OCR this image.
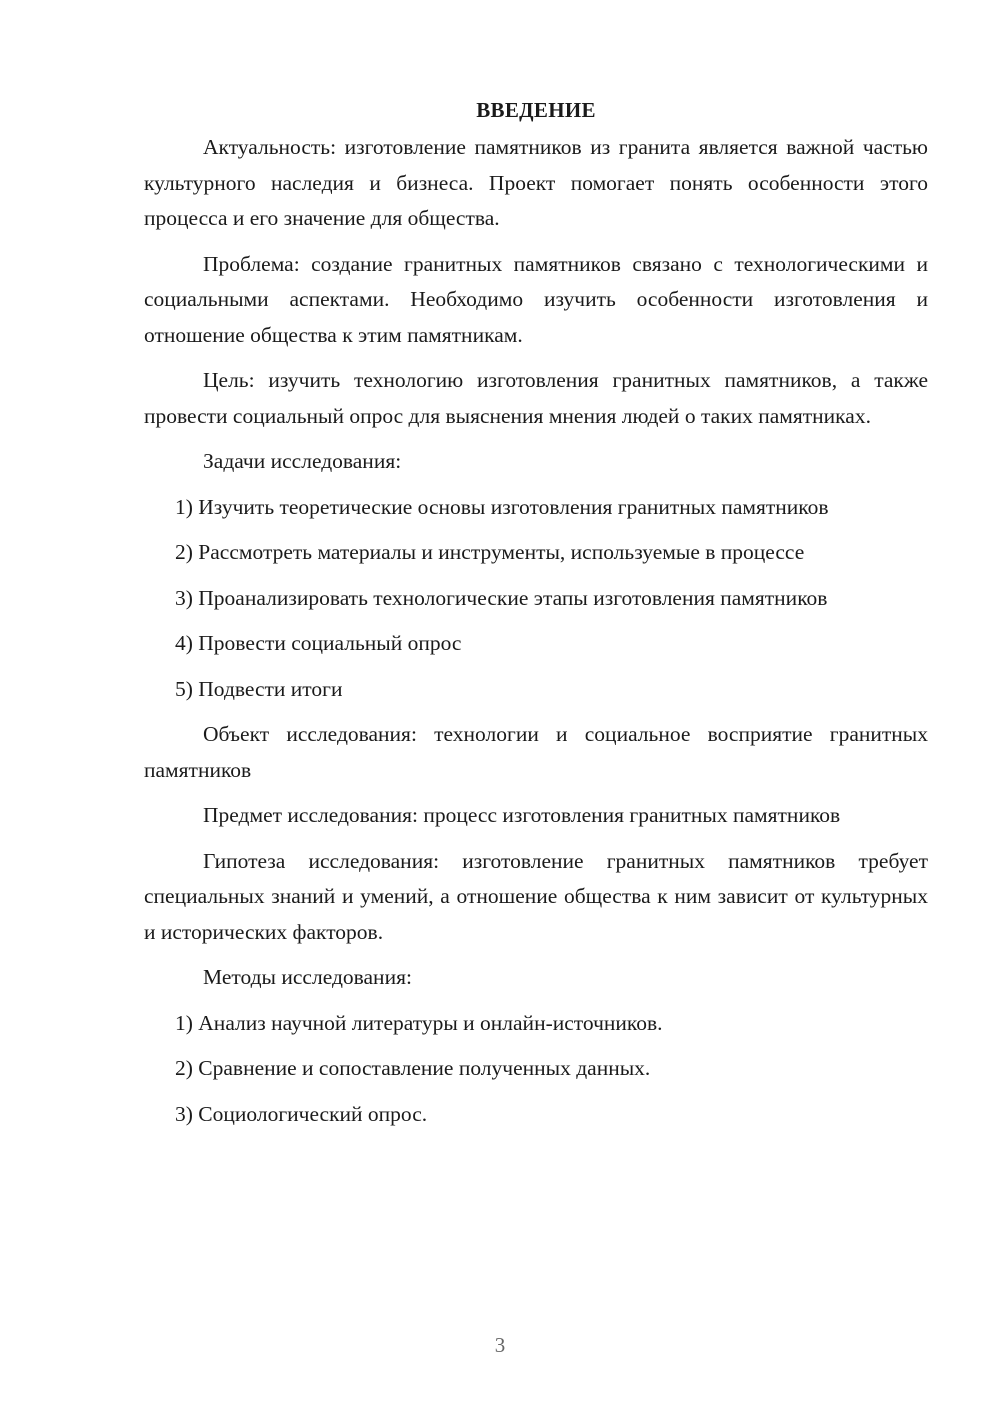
ВВЕДЕНИЕ

Актуальность: изготовление памятников из гранита является важной частью культурного наследия и бизнеса. Проект помогает понять особенности этого процесса и его значение для общества.

Проблема: создание гранитных памятников связано с технологическими и социальными аспектами. Необходимо изучить особенности изготовления и отношение общества к этим памятникам.

Цель: изучить технологию изготовления гранитных памятников, а также провести социальный опрос для выяснения мнения людей о таких памятниках.

Задачи исследования:

1) Изучить теоретические основы изготовления гранитных памятников

2) Рассмотреть материалы и инструменты, используемые в процессе

3) Проанализировать технологические этапы изготовления памятников

4) Провести социальный опрос

5) Подвести итоги

Объект исследования: технологии и социальное восприятие гранитных памятников

Предмет исследования: процесс изготовления гранитных памятников

Гипотеза исследования: изготовление гранитных памятников требует специальных знаний и умений, а отношение общества к ним зависит от культурных и исторических факторов.

Методы исследования:

1) Анализ научной литературы и онлайн-источников.

2) Сравнение и сопоставление полученных данных.

3) Социологический опрос.

3
